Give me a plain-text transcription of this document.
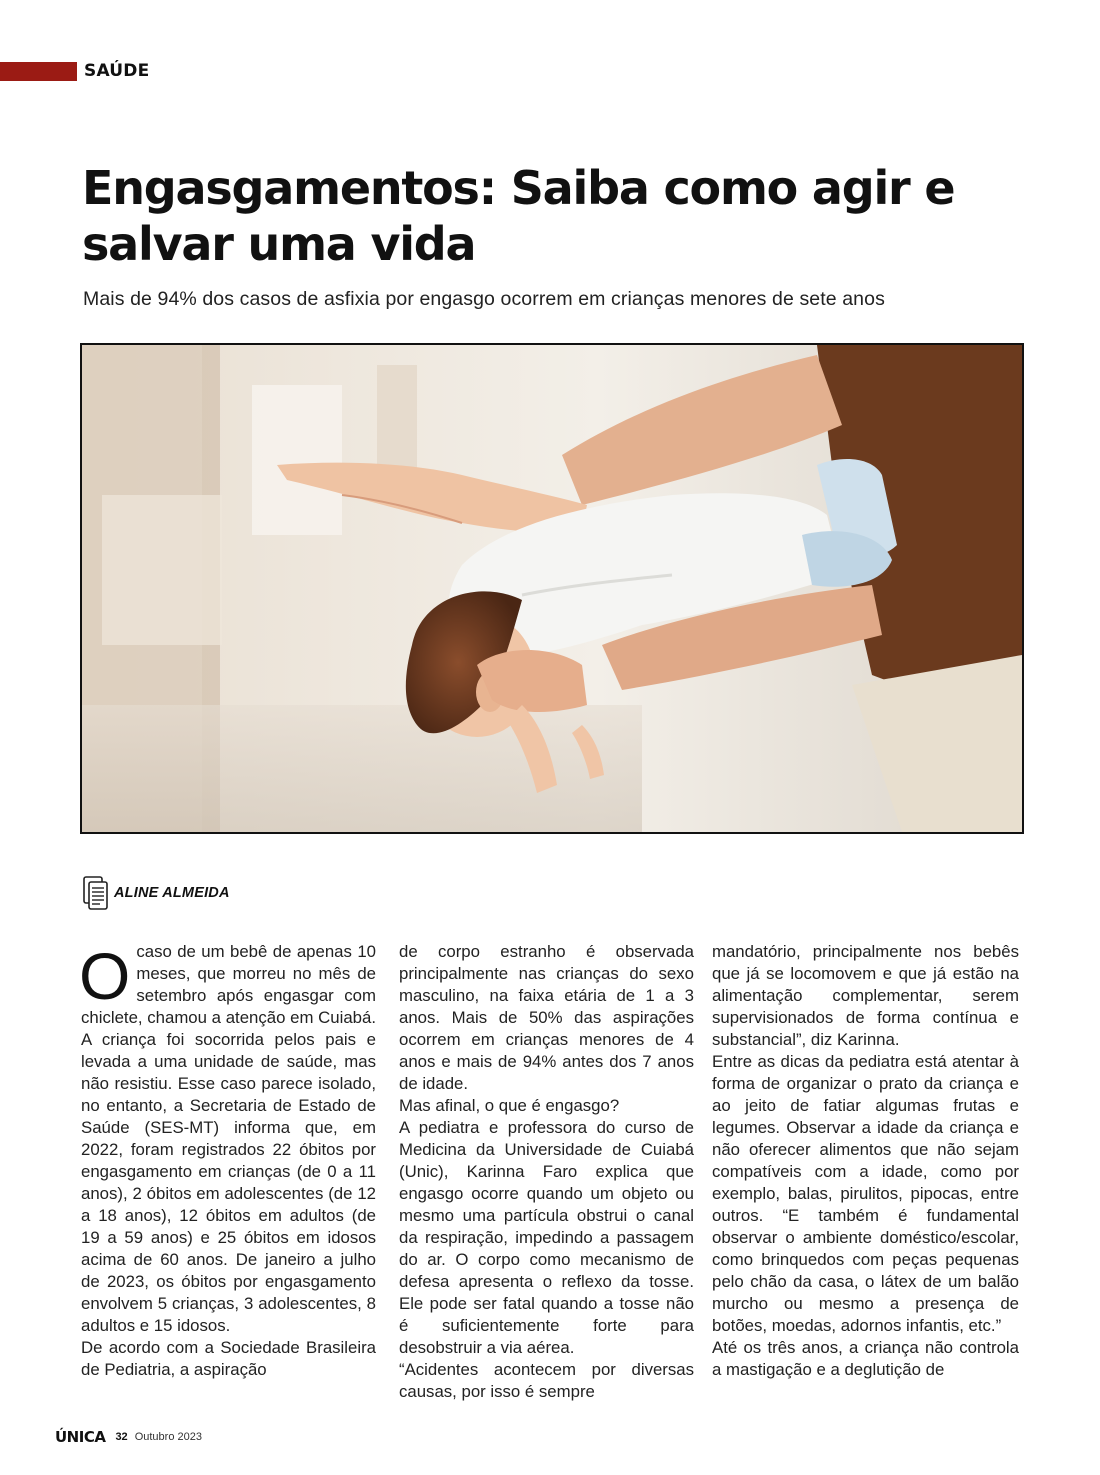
SAÚDE
Engasgamentos: Saiba como agir e salvar uma vida
Mais de 94% dos casos de asfixia por engasgo ocorrem em crianças menores de sete anos
ALINE ALMEIDA
O caso de um bebê de apenas 10 meses, que morreu no mês de setembro após engasgar com chiclete, chamou a atenção em Cuiabá. A criança foi socorrida pelos pais e levada a uma unidade de saúde, mas não resistiu. Esse caso parece isolado, no entanto, a Secretaria de Estado de Saúde (SES-MT) informa que, em 2022, foram registrados 22 óbitos por engasgamento em crianças (de 0 a 11 anos), 2 óbitos em adolescentes (de 12 a 18 anos), 12 óbitos em adultos (de 19 a 59 anos) e 25 óbitos em idosos acima de 60 anos. De janeiro a julho de 2023, os óbitos por engasgamento envolvem 5 crianças, 3 adolescentes, 8 adultos e 15 idosos.

De acordo com a Sociedade Brasileira de Pediatria, a aspiração

de corpo estranho é observada principalmente nas crianças do sexo masculino, na faixa etária de 1 a 3 anos. Mais de 50% das aspirações ocorrem em crianças menores de 4 anos e mais de 94% antes dos 7 anos de idade.

Mas afinal, o que é engasgo?

A pediatra e professora do curso de Medicina da Universidade de Cuiabá (Unic), Karinna Faro explica que engasgo ocorre quando um objeto ou mesmo uma partícula obstrui o canal da respiração, impedindo a passagem do ar. O corpo como mecanismo de defesa apresenta o reflexo da tosse. Ele pode ser fatal quando a tosse não é suficientemente forte para desobstruir a via aérea.

“Acidentes acontecem por diversas causas, por isso é sempre

mandatório, principalmente nos bebês que já se locomovem e que já estão na alimentação complementar, serem supervisionados de forma contínua e substancial”, diz Karinna.

Entre as dicas da pediatra está atentar à forma de organizar o prato da criança e ao jeito de fatiar algumas frutas e legumes. Observar a idade da criança e não oferecer alimentos que não sejam compatíveis com a idade, como por exemplo, balas, pirulitos, pipocas, entre outros. “E também é fundamental observar o ambiente doméstico/escolar, como brinquedos com peças pequenas pelo chão da casa, o látex de um balão murcho ou mesmo a presença de botões, moedas, adornos infantis, etc.”

Até os três anos, a criança não controla a mastigação e a deglutição de

ÚNICA 32 Outubro 2023
